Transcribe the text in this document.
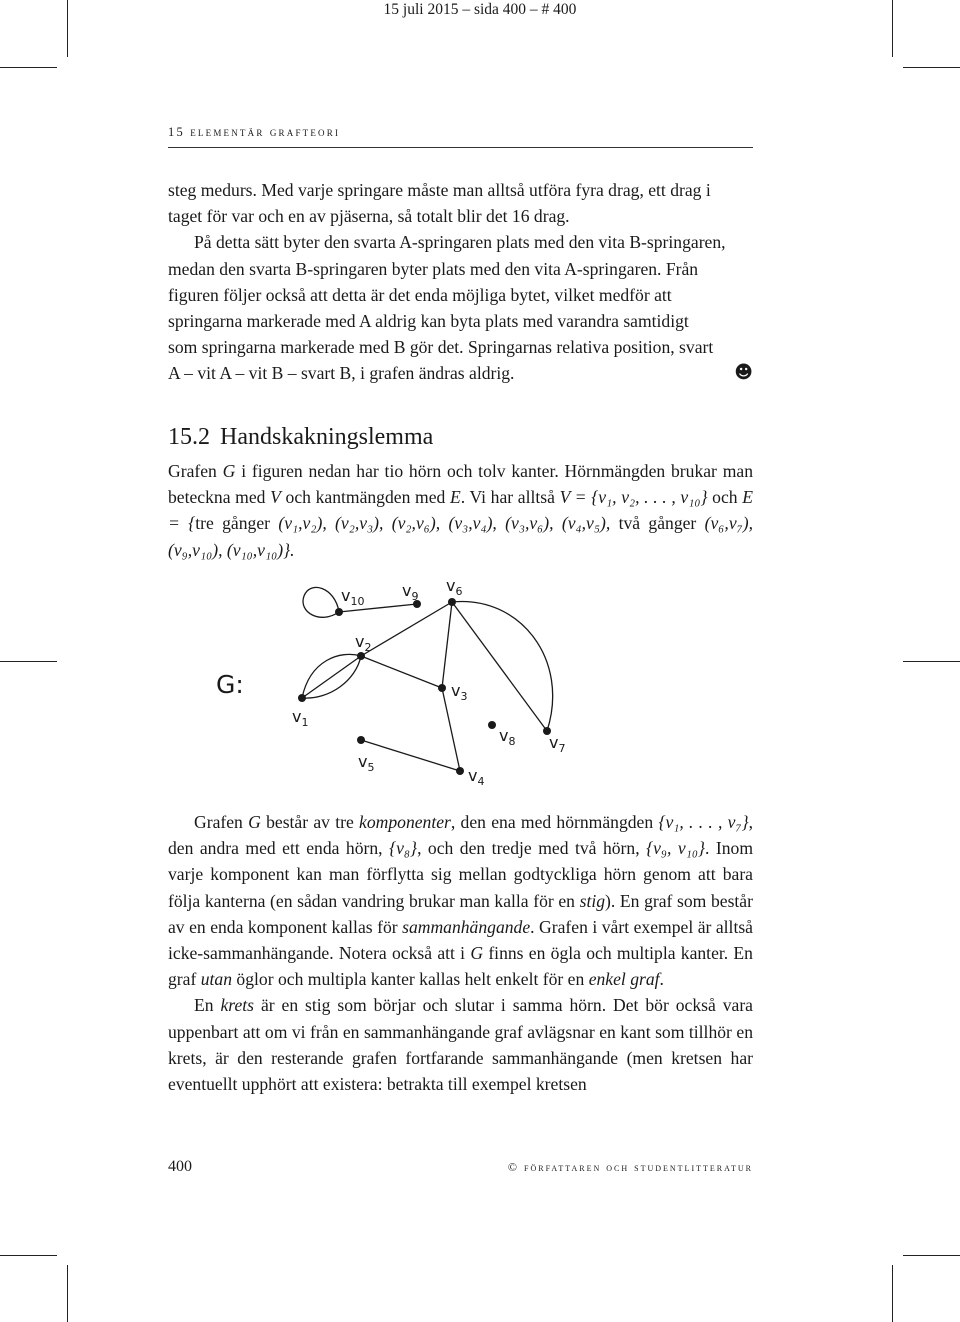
15 juli 2015 – sida 400 – # 400
15 elementär grafteori

steg medurs. Med varje springare måste man alltså utföra fyra drag, ett drag i

taget för var och en av pjäserna, så totalt blir det 16 drag.

På detta sätt byter den svarta A-springaren plats med den vita B-springaren,

medan den svarta B-springaren byter plats med den vita A-springaren. Från

figuren följer också att detta är det enda möjliga bytet, vilket medför att

springarna markerade med A aldrig kan byta plats med varandra samtidigt

som springarna markerade med B gör det. Springarnas relativa position, svart

A – vit A – vit B – svart B, i grafen ändras aldrig.	☻

15.2 Handskakningslemma

Grafen G i figuren nedan har tio hörn och tolv kanter. Hörnmängden brukar man beteckna med V och kantmängden med E. Vi har alltså V = {v₁, v₂, . . . , v₁₀} och E = {tre gånger (v₁,v₂), (v₂,v₃), (v₂,v₆), (v₃,v₄), (v₃,v₆), (v₄,v₅), två gånger (v₆,v₇), (v₉,v₁₀), (v₁₀,v₁₀)}.

G:
$v_1$
$v_2$
$v_3$
$v_4$
$v_5$
$v_6$
$v_7$
$v_8$
$v_9$
$v_{10}$

Grafen G består av tre komponenter, den ena med hörnmängden {v₁, . . . , v₇}, den andra med ett enda hörn, {v₈}, och den tredje med två hörn, {v₉, v₁₀}. Inom varje komponent kan man förflytta sig mellan godtyckliga hörn genom att bara följa kanterna (en sådan vandring brukar man kalla för en stig). En graf som består av en enda komponent kallas för sammanhängande. Grafen i vårt exempel är alltså icke-sammanhängande. Notera också att i G finns en ögla och multipla kanter. En graf utan öglor och multipla kanter kallas helt enkelt för en enkel graf.

En krets är en stig som börjar och slutar i samma hörn. Det bör också vara uppenbart att om vi från en sammanhängande graf avlägsnar en kant som tillhör en krets, är den resterande grafen fortfarande sammanhängande (men kretsen har eventuellt upphört att existera: betrakta till exempel kretsen

400	© författaren och studentlitteratur
